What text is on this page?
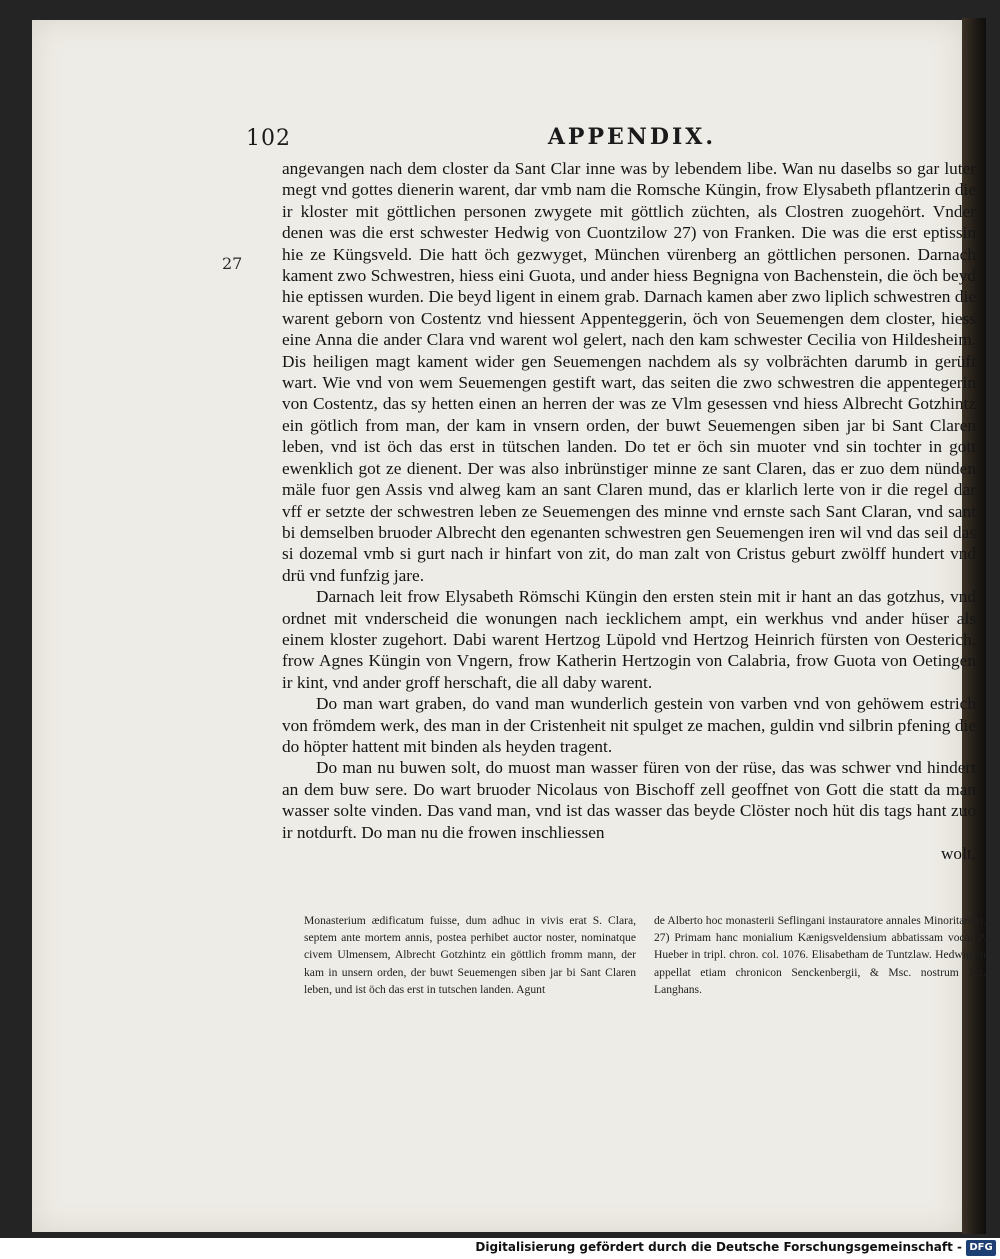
102	APPENDIX.
27

angevangen nach dem closter da Sant Clar inne was by lebendem libe. Wan nu daselbs so gar luter megt vnd gottes dienerin warent, dar vmb nam die Romsche Küngin, frow Elysabeth pflantzerin die ir kloster mit göttlichen personen zwygete mit göttlich züchten, als Clostren zuogehört. Vnder denen was die erst schwester Hedwig von Cuontzilow 27) von Franken. Die was die erst eptissin hie ze Küngsveld. Die hatt öch gezwyget, München vürenberg an göttlichen personen. Darnach kament zwo Schwestren, hiess eini Guota, und ander hiess Begnigna von Bachenstein, die öch beyd hie eptissen wurden. Die beyd ligent in einem grab. Darnach kamen aber zwo liplich schwestren die warent geborn von Costentz vnd hiessent Appenteggerin, öch von Seuemengen dem closter, hiess eine Anna die ander Clara vnd warent wol gelert, nach den kam schwester Cecilia von Hildesheim. Dis heiligen magt kament wider gen Seuemengen nachdem als sy volbrächten darumb in gerüft wart. Wie vnd von wem Seuemengen gestift wart, das seiten die zwo schwestren die appentegerin von Costentz, das sy hetten einen an herren der was ze Vlm gesessen vnd hiess Albrecht Gotzhintz ein götlich from man, der kam in vnsern orden, der buwt Seuemengen siben jar bi Sant Claren leben, vnd ist öch das erst in tütschen landen. Do tet er öch sin muoter vnd sin tochter in gott ewenklich got ze dienent. Der was also inbrünstiger minne ze sant Claren, das er zuo dem nünden mäle fuor gen Assis vnd alweg kam an sant Claren mund, das er klarlich lerte von ir die regel dar vff er setzte der schwestren leben ze Seuemengen des minne vnd ernste sach Sant Claran, vnd sant bi demselben bruoder Albrecht den egenanten schwestren gen Seuemengen iren wil vnd das seil das si dozemal vmb si gurt nach ir hinfart von zit, do man zalt von Cristus geburt zwölff hundert vnd drü vnd funfzig jare.

Darnach leit frow Elysabeth Römschi Küngin den ersten stein mit ir hant an das gotzhus, vnd ordnet mit vnderscheid die wonungen nach iecklichem ampt, ein werkhus vnd ander hüser als einem kloster zugehort. Dabi warent Hertzog Lüpold vnd Hertzog Heinrich fürsten von Oesterich, frow Agnes Küngin von Vngern, frow Katherin Hertzogin von Calabria, frow Guota von Oetingen ir kint, vnd ander groff herschaft, die all daby warent.

Do man wart graben, do vand man wunderlich gestein von varben vnd von gehöwem estrich von frömdem werk, des man in der Cristenheit nit spulget ze machen, guldin vnd silbrin pfening die do höpter hattent mit binden als heyden tragent.

Do man nu buwen solt, do muost man wasser füren von der rüse, das was schwer vnd hindert an dem buw sere. Do wart bruoder Nicolaus von Bischoff zell geoffnet von Gott die statt da man wasser solte vinden. Das vand man, vnd ist das wasser das beyde Clöster noch hüt dis tags hant zuo ir notdurft. Do man nu die frowen inschliessen

wolt,

Monasterium ædificatum fuisse, dum adhuc in vivis erat S. Clara, septem ante mortem annis, postea perhibet auctor noster, nominatque civem Ulmensem, Albrecht Gotzhintz ein göttlich fromm mann, der kam in unsern orden, der buwt Seuemengen siben jar bi Sant Claren leben, und ist öch das erst in tutschen landen. Agunt

de Alberto hoc monasterii Seflingani instauratore annales Minoritarum. 27) Primam hanc monialium Kænigsveldensium abbatissam vocat P. Hueber in tripl. chron. col. 1076. Elisabetham de Tuntzlaw. Hedwigem appellat etiam chronicon Senckenbergii, & Msc. nostrum Jac. Langhans.

Digitalisierung gefördert durch die Deutsche Forschungsgemeinschaft - DFG
